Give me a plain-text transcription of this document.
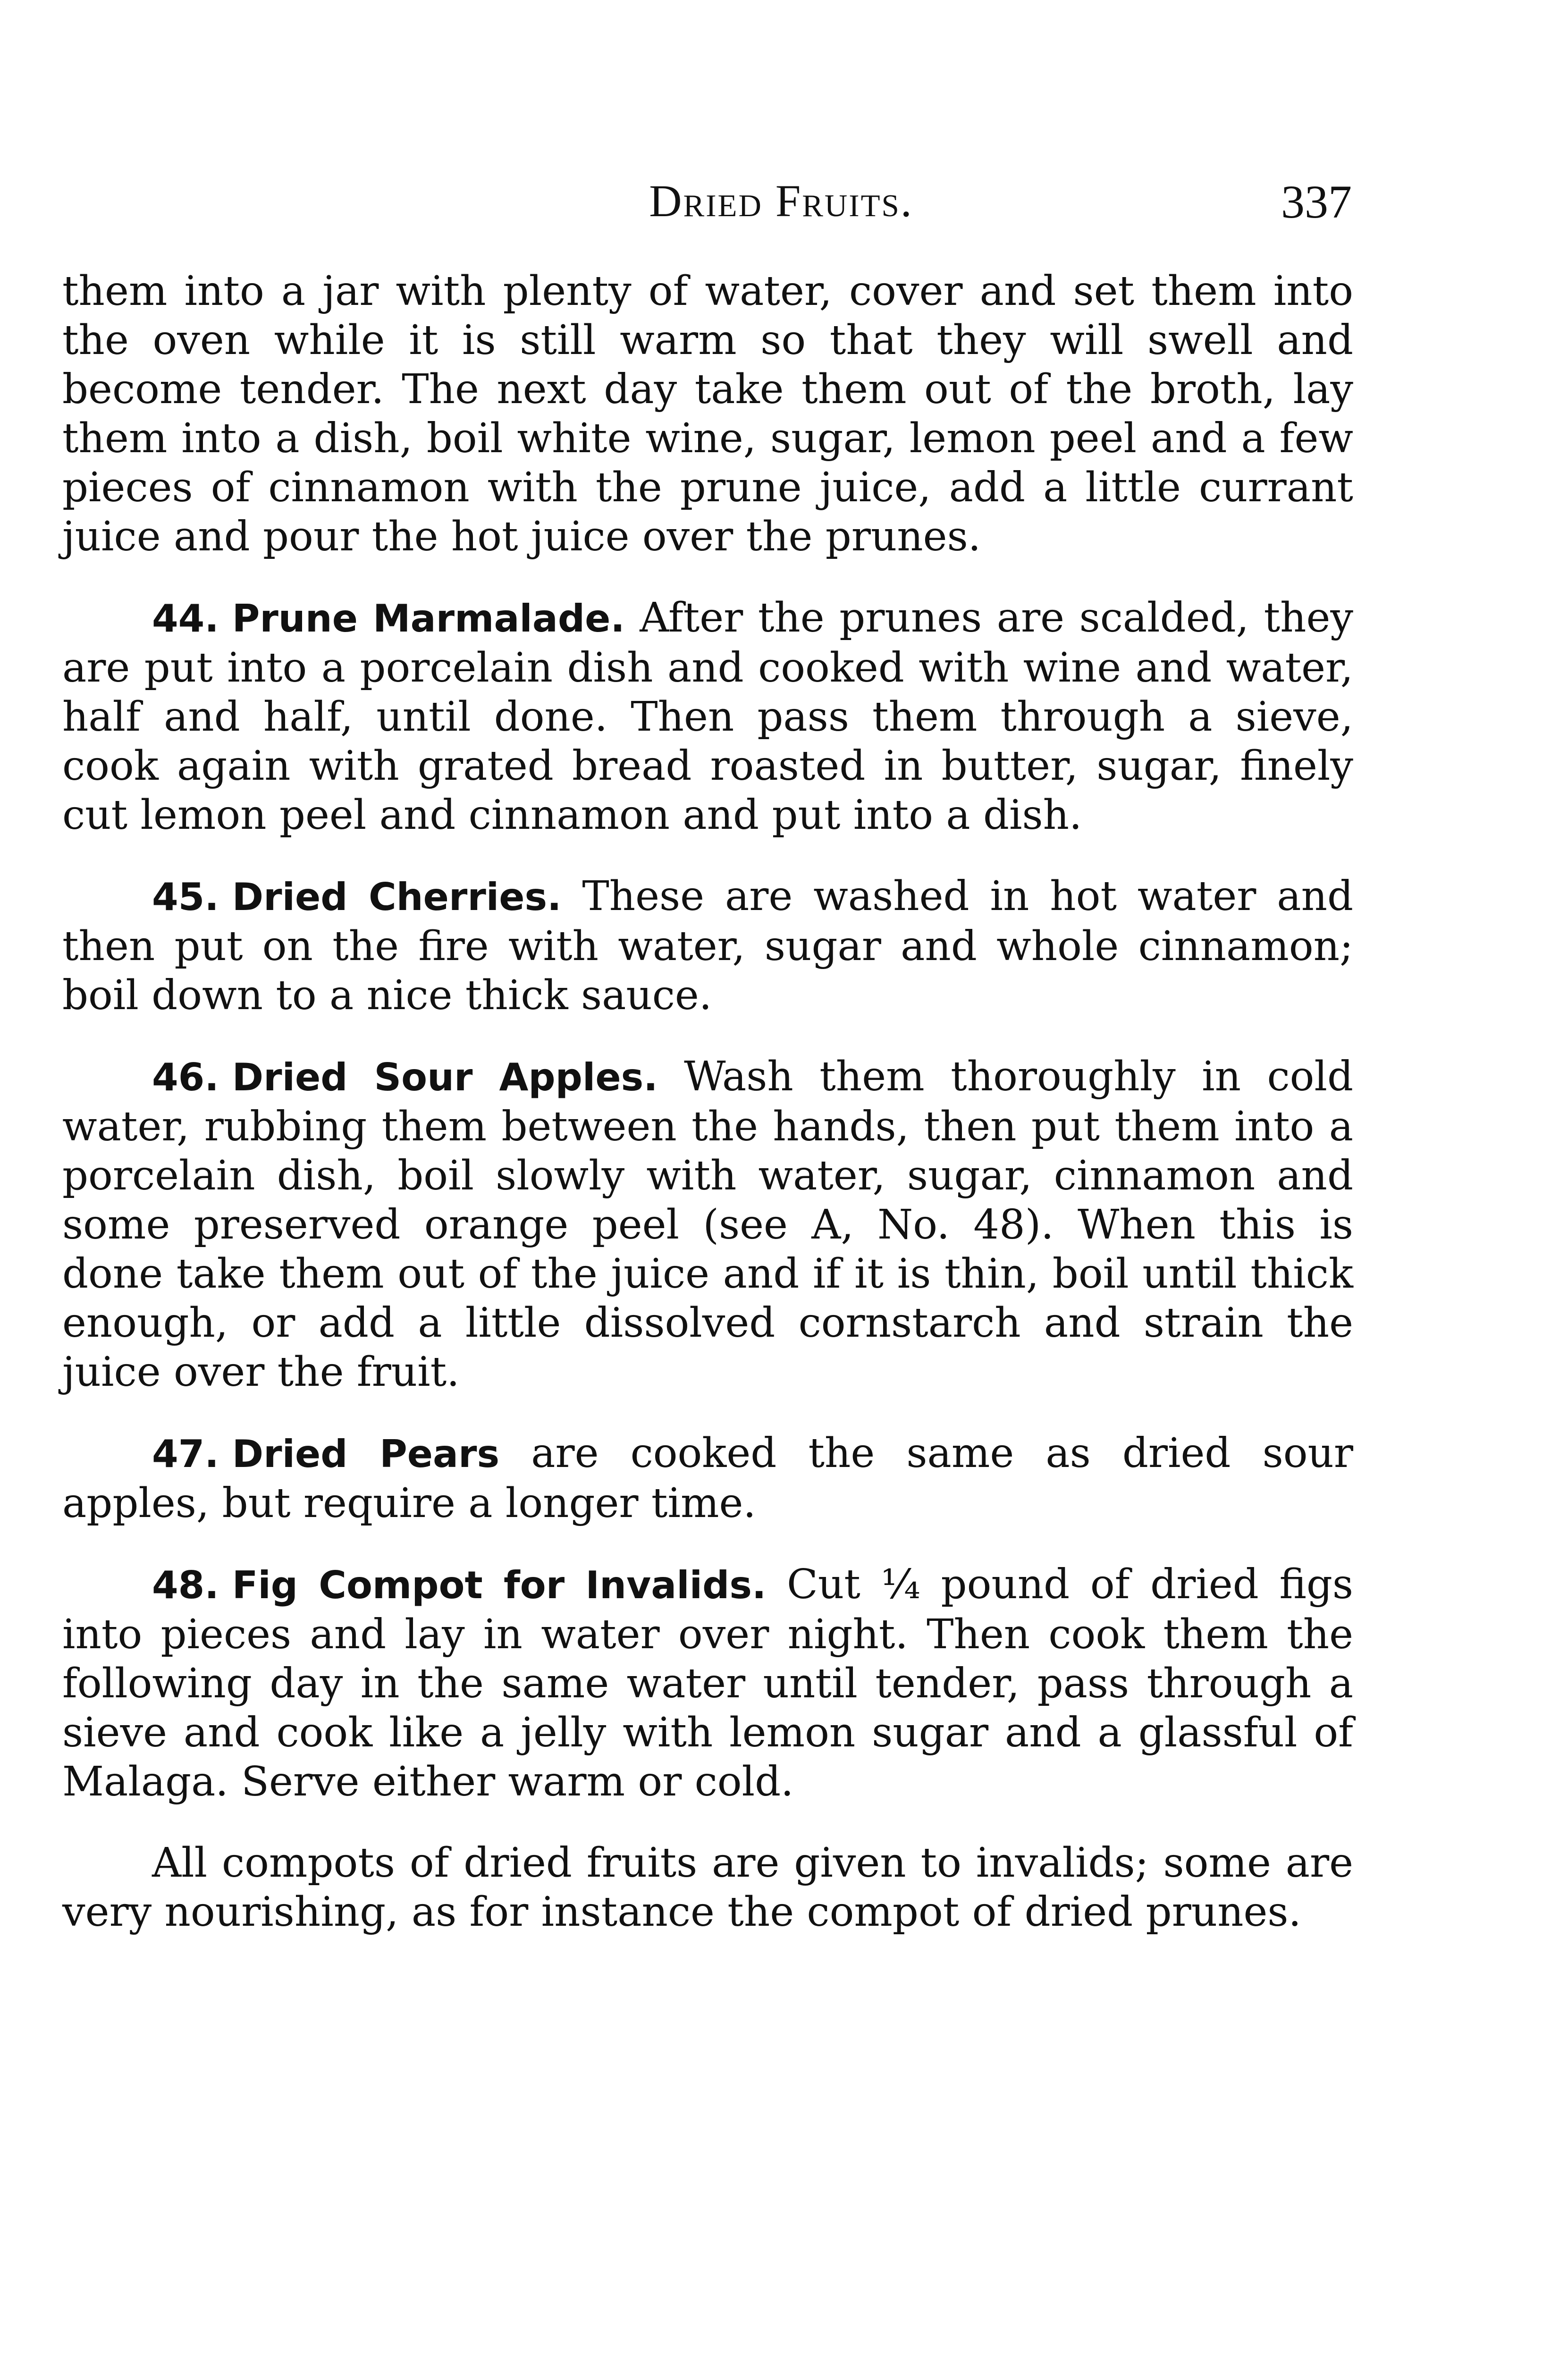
Dried Fruits.	337

them into a jar with plenty of water, cover and set them into the oven while it is still warm so that they will swell and become tender. The next day take them out of the broth, lay them into a dish, boil white wine, sugar, lemon peel and a few pieces of cinnamon with the prune juice, add a little currant juice and pour the hot juice over the prunes.

44. Prune Marmalade. After the prunes are scalded, they are put into a porcelain dish and cooked with wine and water, half and half, until done. Then pass them through a sieve, cook again with grated bread roasted in butter, sugar, finely cut lemon peel and cinnamon and put into a dish.

45. Dried Cherries. These are washed in hot water and then put on the fire with water, sugar and whole cinnamon; boil down to a nice thick sauce.

46. Dried Sour Apples. Wash them thoroughly in cold water, rubbing them between the hands, then put them into a porcelain dish, boil slowly with water, sugar, cinnamon and some preserved orange peel (see A, No. 48). When this is done take them out of the juice and if it is thin, boil until thick enough, or add a little dissolved cornstarch and strain the juice over the fruit.

47. Dried Pears are cooked the same as dried sour apples, but require a longer time.

48. Fig Compot for Invalids. Cut ¼ pound of dried figs into pieces and lay in water over night. Then cook them the following day in the same water until tender, pass through a sieve and cook like a jelly with lemon sugar and a glassful of Malaga. Serve either warm or cold.

All compots of dried fruits are given to invalids; some are very nourishing, as for instance the compot of dried prunes.
